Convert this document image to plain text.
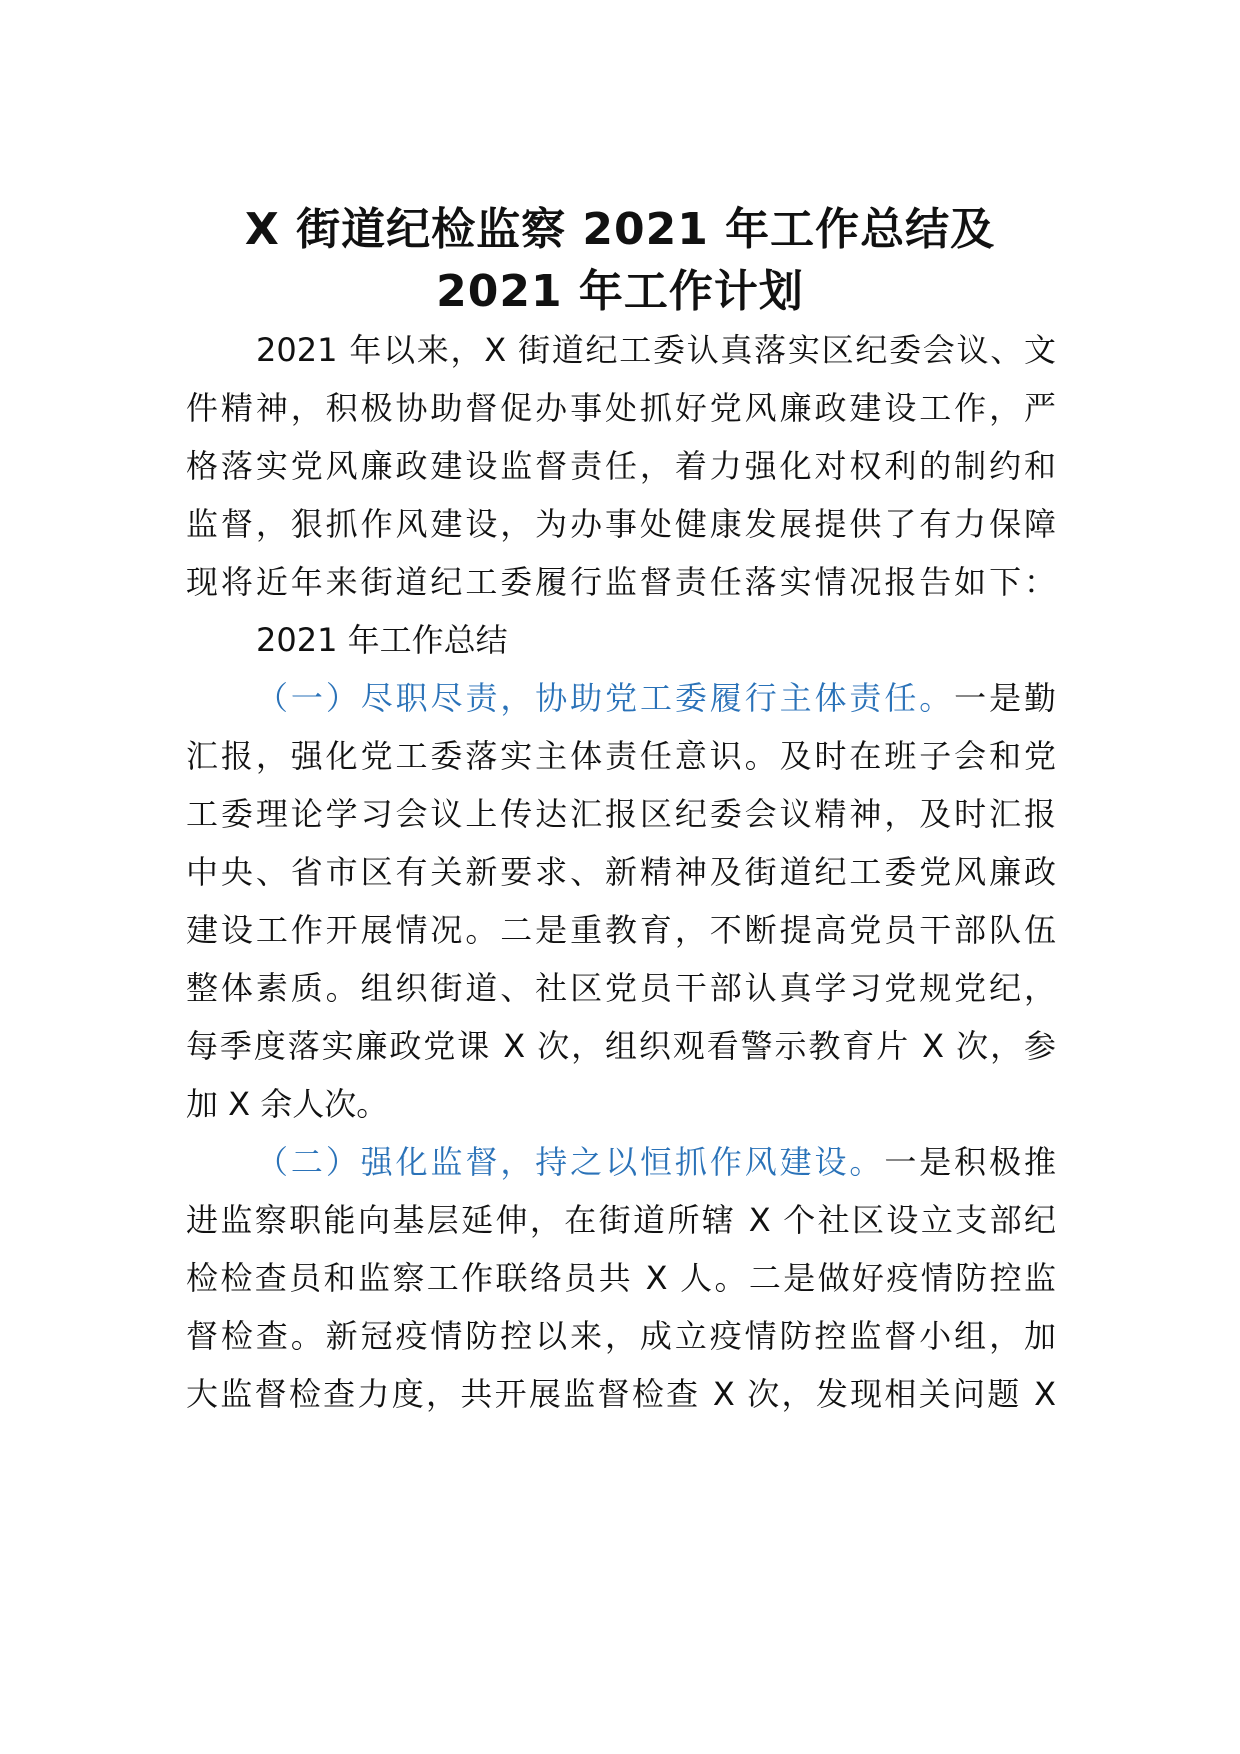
X 街道纪检监察 2021 年工作总结及
2021 年工作计划
2021 年以来，X 街道纪工委认真落实区纪委会议、文
件精神，积极协助督促办事处抓好党风廉政建设工作，严
格落实党风廉政建设监督责任，着力强化对权利的制约和
监督，狠抓作风建设，为办事处健康发展提供了有力保障
现将近年来街道纪工委履行监督责任落实情况报告如下：
2021 年工作总结
（一）尽职尽责，协助党工委履行主体责任。一是勤
汇报，强化党工委落实主体责任意识。及时在班子会和党
工委理论学习会议上传达汇报区纪委会议精神，及时汇报
中央、省市区有关新要求、新精神及街道纪工委党风廉政
建设工作开展情况。二是重教育，不断提高党员干部队伍
整体素质。组织街道、社区党员干部认真学习党规党纪，
每季度落实廉政党课 X 次，组织观看警示教育片 X 次，参
加 X 余人次。
（二）强化监督，持之以恒抓作风建设。一是积极推
进监察职能向基层延伸，在街道所辖 X 个社区设立支部纪
检检查员和监察工作联络员共 X 人。二是做好疫情防控监
督检查。新冠疫情防控以来，成立疫情防控监督小组，加
大监督检查力度，共开展监督检查 X 次，发现相关问题 X
